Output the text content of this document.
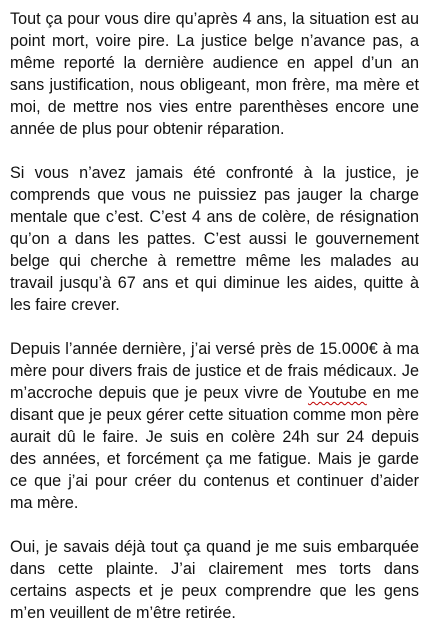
Tout ça pour vous dire qu’après 4 ans, la situation est au point mort, voire pire. La justice belge n’avance pas, a même reporté la dernière audience en appel d’un an sans justification, nous obligeant, mon frère, ma mère et moi, de mettre nos vies entre parenthèses encore une année de plus pour obtenir réparation.

Si vous n’avez jamais été confronté à la justice, je comprends que vous ne puissiez pas jauger la charge mentale que c’est. C’est 4 ans de colère, de résignation qu’on a dans les pattes. C’est aussi le gouvernement belge qui cherche à remettre même les malades au travail jusqu’à 67 ans et qui diminue les aides, quitte à les faire crever.

Depuis l’année dernière, j’ai versé près de 15.000€ à ma mère pour divers frais de justice et de frais médicaux. Je m’accroche depuis que je peux vivre de Youtube en me disant que je peux gérer cette situation comme mon père aurait dû le faire. Je suis en colère 24h sur 24 depuis des années, et forcément ça me fatigue. Mais je garde ce que j’ai pour créer du contenus et continuer d’aider ma mère.

Oui, je savais déjà tout ça quand je me suis embarquée dans cette plainte. J’ai clairement mes torts dans certains aspects et je peux comprendre que les gens m’en veuillent de m’être retirée.
